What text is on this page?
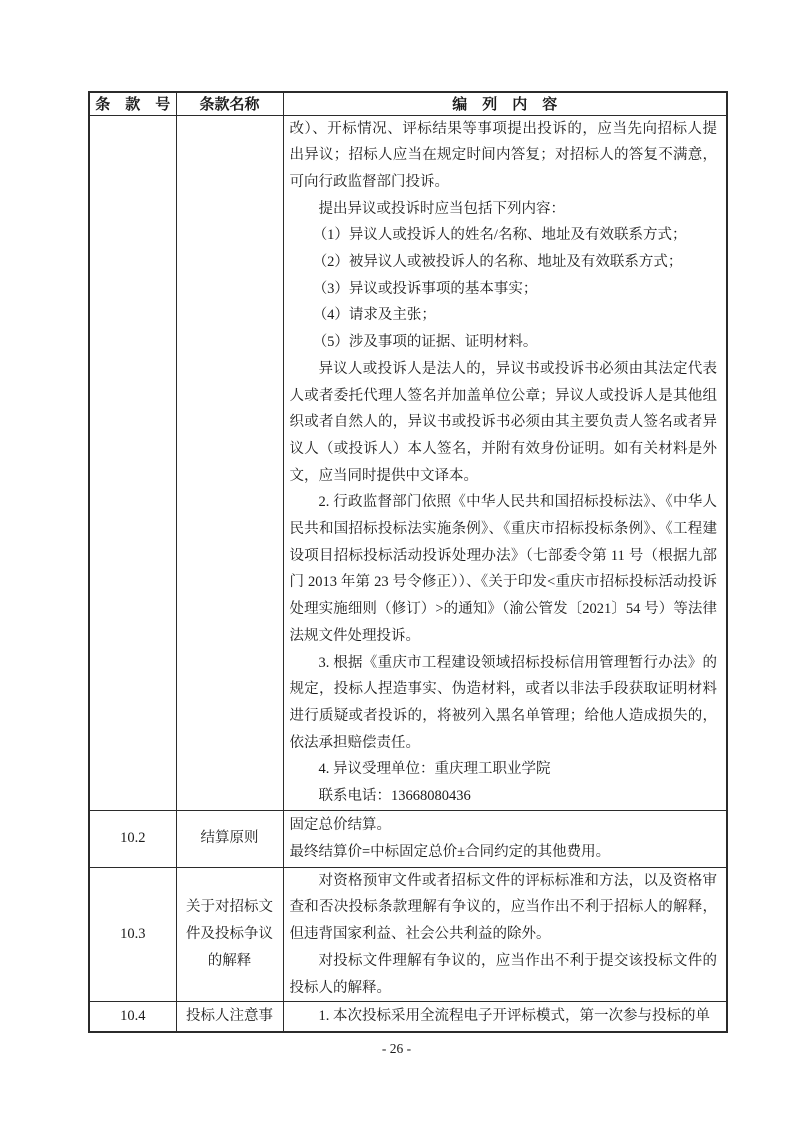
条　款　号	条款名称	编　列　内　容

改）、开标情况、评标结果等事项提出投诉的，应当先向招标人提出异议；招标人应当在规定时间内答复；对招标人的答复不满意，可向行政监督部门投诉。

提出异议或投诉时应当包括下列内容：

（1）异议人或投诉人的姓名/名称、地址及有效联系方式；

（2）被异议人或被投诉人的名称、地址及有效联系方式；

（3）异议或投诉事项的基本事实；

（4）请求及主张；

（5）涉及事项的证据、证明材料。

异议人或投诉人是法人的，异议书或投诉书必须由其法定代表人或者委托代理人签名并加盖单位公章；异议人或投诉人是其他组织或者自然人的，异议书或投诉书必须由其主要负责人签名或者异议人（或投诉人）本人签名，并附有效身份证明。如有关材料是外文，应当同时提供中文译本。

2. 行政监督部门依照《中华人民共和国招标投标法》、《中华人民共和国招标投标法实施条例》、《重庆市招标投标条例》、《工程建设项目招标投标活动投诉处理办法》（七部委令第 11 号（根据九部门 2013 年第 23 号令修正））、《关于印发<重庆市招标投标活动投诉处理实施细则（修订）>的通知》（渝公管发〔2021〕54 号）等法律法规文件处理投诉。

3. 根据《重庆市工程建设领域招标投标信用管理暂行办法》的规定，投标人捏造事实、伪造材料，或者以非法手段获取证明材料进行质疑或者投诉的，将被列入黑名单管理；给他人造成损失的，依法承担赔偿责任。

4. 异议受理单位：重庆理工职业学院

联系电话：13668080436

10.2	结算原则	固定总价结算。

最终结算价=中标固定总价±合同约定的其他费用。

10.3	关于对招标文件及投标争议的解释	对资格预审文件或者招标文件的评标标准和方法，以及资格审查和否决投标条款理解有争议的，应当作出不利于招标人的解释，但违背国家利益、社会公共利益的除外。

对投标文件理解有争议的，应当作出不利于提交该投标文件的投标人的解释。

10.4	投标人注意事	1. 本次投标采用全流程电子开评标模式，第一次参与投标的单

- 26 -
